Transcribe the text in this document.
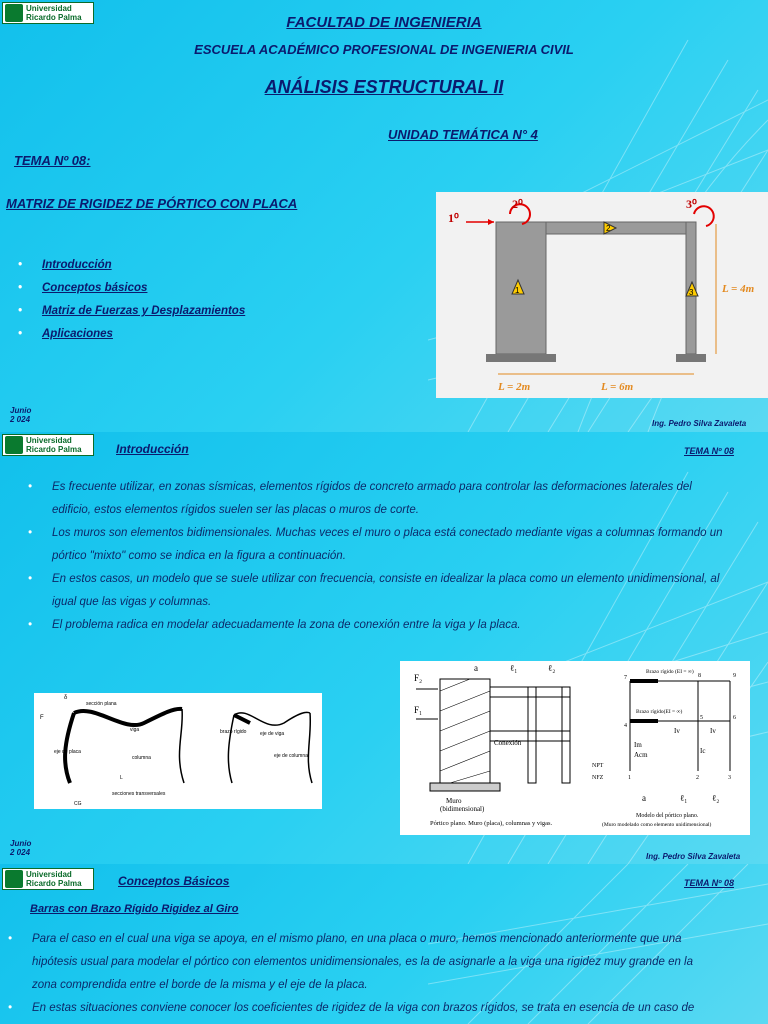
Universidad
Ricardo Palma	FACULTAD DE INGENIERIA
ESCUELA ACADÉMICO PROFESIONAL DE INGENIERIA CIVIL
ANÁLISIS ESTRUCTURAL II
UNIDAD TEMÁTICA N° 4
TEMA Nº 08:
MATRIZ DE RIGIDEZ DE PÓRTICO CON PLACA
• Introducción
• Conceptos básicos
• Matriz de Fuerzas y Desplazamientos
• Aplicaciones
1⁰
2⁰	3⁰
1
2
3	L = 4m
L = 2m	L = 6m
Junio
2 024	Ing. Pedro Silva Zavaleta
Universidad
Ricardo Palma	Introducción	TEMA Nº 08
• Es frecuente utilizar, en zonas sísmicas, elementos rígidos de concreto armado para controlar las deformaciones laterales del edificio, estos elementos rígidos suelen ser las placas o muros de corte.
• Los muros son elementos bidimensionales. Muchas veces el muro o placa está conectado mediante vigas a columnas formando un pórtico "mixto" como se indica en la figura a continuación.
• En estos casos, un modelo que se suele utilizar con frecuencia, consiste en idealizar la placa como un elemento unidimensional, al igual que las vigas y columnas.
• El problema radica en modelar adecuadamente la zona de conexión entre la viga y la placa.
sección plana
viga
eje de placa
columna
L
secciones transversales
CG
F
δ
brazo rígido	eje de viga
eje de columna
F₂
F₁
a	ℓ₁	ℓ₂
Conexión
NPT
NFZ
Muro
(bidimensional)
Pórtico plano. Muro (placa), columnas y vigas.
Brazo rígido (EI = ∞)
Brazo rígido(EI = ∞)
Im
Acm
Iv	Iv
Ic
7	8	9
4
5	6
1	2	3
a	ℓ₁	ℓ₂
Modelo del pórtico plano.
(Muro modelado como elemento unidimensional)
Junio
2 024	Ing. Pedro Silva Zavaleta
Universidad
Ricardo Palma	Conceptos Básicos	TEMA Nº 08
Barras con Brazo Rígido Rigidez al Giro
• Para el caso en el cual una viga se apoya, en el mismo plano, en una placa o muro, hemos mencionado anteriormente que una hipótesis usual para modelar el pórtico con elementos unidimensionales, es la de asignarle a la viga una rigidez muy grande en la zona comprendida entre el borde de la misma y el eje de la placa.
• En estas situaciones conviene conocer los coeficientes de rigidez de la viga con brazos rígidos, se trata en esencia de un caso de
